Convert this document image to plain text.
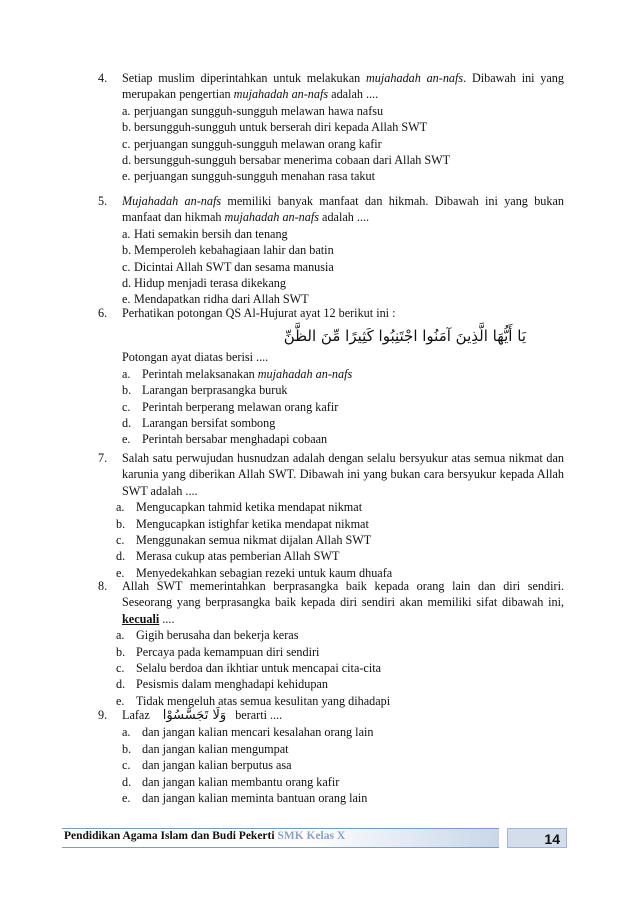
4. Setiap muslim diperintahkan untuk melakukan mujahadah an-nafs. Dibawah ini yang merupakan pengertian mujahadah an-nafs adalah ....
a. perjuangan sungguh-sungguh melawan hawa nafsu
b. bersungguh-sungguh untuk berserah diri kepada Allah SWT
c. perjuangan sungguh-sungguh melawan orang kafir
d. bersungguh-sungguh bersabar menerima cobaan dari Allah SWT
e. perjuangan sungguh-sungguh menahan rasa takut
5. Mujahadah an-nafs memiliki banyak manfaat dan hikmah. Dibawah ini yang bukan manfaat dan hikmah mujahadah an-nafs adalah ....
a. Hati semakin bersih dan tenang
b. Memperoleh kebahagiaan lahir dan batin
c. Dicintai Allah SWT dan sesama manusia
d. Hidup menjadi terasa dikekang
e. Mendapatkan ridha dari Allah SWT
6. Perhatikan potongan QS Al-Hujurat ayat 12 berikut ini :
يَا أَيُّهَا الَّذِينَ آمَنُوا اجْتَنِبُوا كَثِيرًا مِّنَ الظَّنِّ
Potongan ayat diatas berisi ....
a. Perintah melaksanakan mujahadah an-nafs
b. Larangan berprasangka buruk
c. Perintah berperang melawan orang kafir
d. Larangan bersifat sombong
e. Perintah bersabar menghadapi cobaan
7. Salah satu perwujudan husnudzan adalah dengan selalu bersyukur atas semua nikmat dan karunia yang diberikan Allah SWT. Dibawah ini yang bukan cara bersyukur kepada Allah SWT adalah ....
a. Mengucapkan tahmid ketika mendapat nikmat
b. Mengucapkan istighfar ketika mendapat nikmat
c. Menggunakan semua nikmat dijalan Allah SWT
d. Merasa cukup atas pemberian Allah SWT
e. Menyedekahkan sebagian rezeki untuk kaum dhuafa
8. Allah SWT memerintahkan berprasangka baik kepada orang lain dan diri sendiri. Seseorang yang berprasangka baik kepada diri sendiri akan memiliki sifat dibawah ini, kecuali ....
a. Gigih berusaha dan bekerja keras
b. Percaya pada kemampuan diri sendiri
c. Selalu berdoa dan ikhtiar untuk mencapai cita-cita
d. Pesismis dalam menghadapi kehidupan
e. Tidak mengeluh atas semua kesulitan yang dihadapi
9. Lafaz وَلَا تَجَسَّسُوْا berarti ....
a. dan jangan kalian mencari kesalahan orang lain
b. dan jangan kalian mengumpat
c. dan jangan kalian berputus asa
d. dan jangan kalian membantu orang kafir
e. dan jangan kalian meminta bantuan orang lain
Pendidikan Agama Islam dan Budi Pekerti SMK Kelas X	14
